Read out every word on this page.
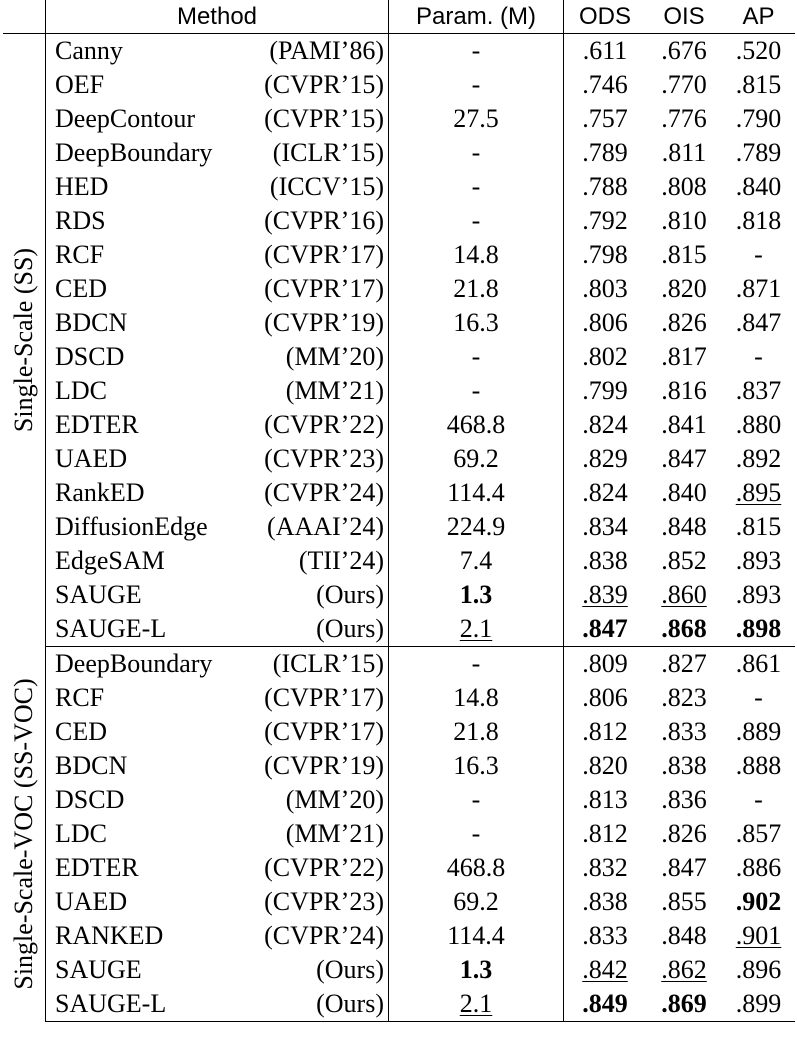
	Method	Param. (M)	ODS	OIS	AP

Single-Scale (SS)	Canny (PAMI’86)	-	.611	.676	.520

	OEF (CVPR’15)	-	.746	.770	.815

	DeepContour (CVPR’15)	27.5	.757	.776	.790

	DeepBoundary (ICLR’15)	-	.789	.811	.789

	HED (ICCV’15)	-	.788	.808	.840

	RDS (CVPR’16)	-	.792	.810	.818

	RCF (CVPR’17)	14.8	.798	.815	-

	CED (CVPR’17)	21.8	.803	.820	.871

	BDCN (CVPR’19)	16.3	.806	.826	.847

	DSCD (MM’20)	-	.802	.817	-

	LDC (MM’21)	-	.799	.816	.837

	EDTER (CVPR’22)	468.8	.824	.841	.880

	UAED (CVPR’23)	69.2	.829	.847	.892

	RankED (CVPR’24)	114.4	.824	.840	.895

	DiffusionEdge (AAAI’24)	224.9	.834	.848	.815

	EdgeSAM (TII’24)	7.4	.838	.852	.893

	SAUGE (Ours)	1.3	.839	.860	.893

	SAUGE-L (Ours)	2.1	.847	.868	.898

Single-Scale-VOC (SS-VOC)	DeepBoundary (ICLR’15)	-	.809	.827	.861

	RCF (CVPR’17)	14.8	.806	.823	-

	CED (CVPR’17)	21.8	.812	.833	.889

	BDCN (CVPR’19)	16.3	.820	.838	.888

	DSCD (MM’20)	-	.813	.836	-

	LDC (MM’21)	-	.812	.826	.857

	EDTER (CVPR’22)	468.8	.832	.847	.886

	UAED (CVPR’23)	69.2	.838	.855	.902

	RANKED (CVPR’24)	114.4	.833	.848	.901

	SAUGE (Ours)	1.3	.842	.862	.896

	SAUGE-L (Ours)	2.1	.849	.869	.899
